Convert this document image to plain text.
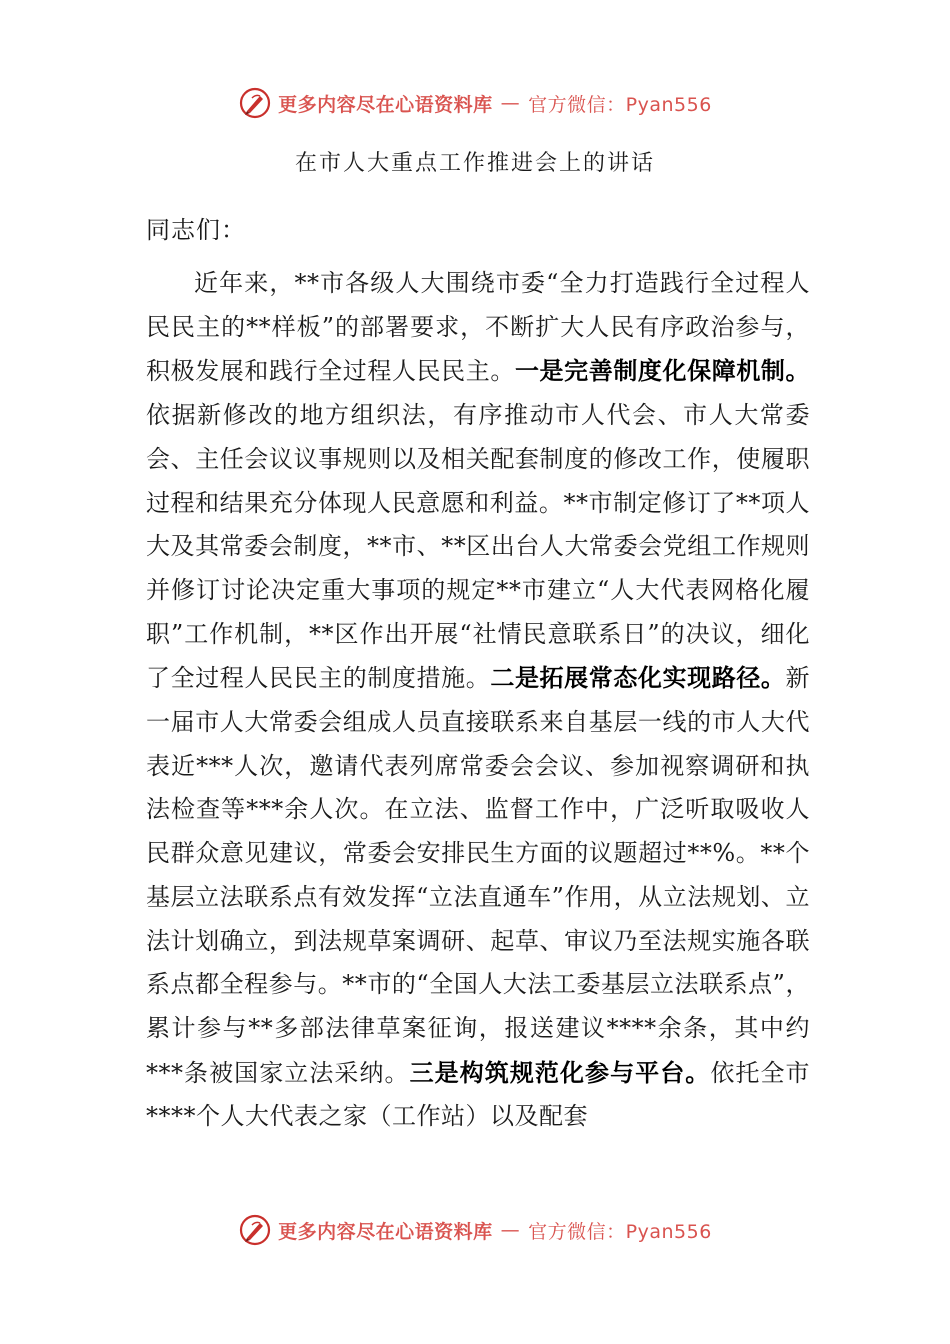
更多内容尽在心语资料库 — 官方微信：Pyan556
在市人大重点工作推进会上的讲话
同志们：

近年来，**市各级人大围绕市委“全力打造践行全过程人民民主的**样板”的部署要求，不断扩大人民有序政治参与，积极发展和践行全过程人民民主。一是完善制度化保障机制。依据新修改的地方组织法，有序推动市人代会、市人大常委会、主任会议议事规则以及相关配套制度的修改工作，使履职过程和结果充分体现人民意愿和利益。**市制定修订了**项人大及其常委会制度，**市、**区出台人大常委会党组工作规则并修订讨论决定重大事项的规定**市建立“人大代表网格化履职”工作机制，**区作出开展“社情民意联系日”的决议，细化了全过程人民民主的制度措施。二是拓展常态化实现路径。新一届市人大常委会组成人员直接联系来自基层一线的市人大代表近***人次，邀请代表列席常委会会议、参加视察调研和执法检查等***余人次。在立法、监督工作中，广泛听取吸收人民群众意见建议，常委会安排民生方面的议题超过**%。**个基层立法联系点有效发挥“立法直通车”作用，从立法规划、立法计划确立，到法规草案调研、起草、审议乃至法规实施各联系点都全程参与。**市的“全国人大法工委基层立法联系点”，累计参与**多部法律草案征询，报送建议****余条，其中约***条被国家立法采纳。三是构筑规范化参与平台。依托全市****个人大代表之家（工作站）以及配套

更多内容尽在心语资料库 — 官方微信：Pyan556
